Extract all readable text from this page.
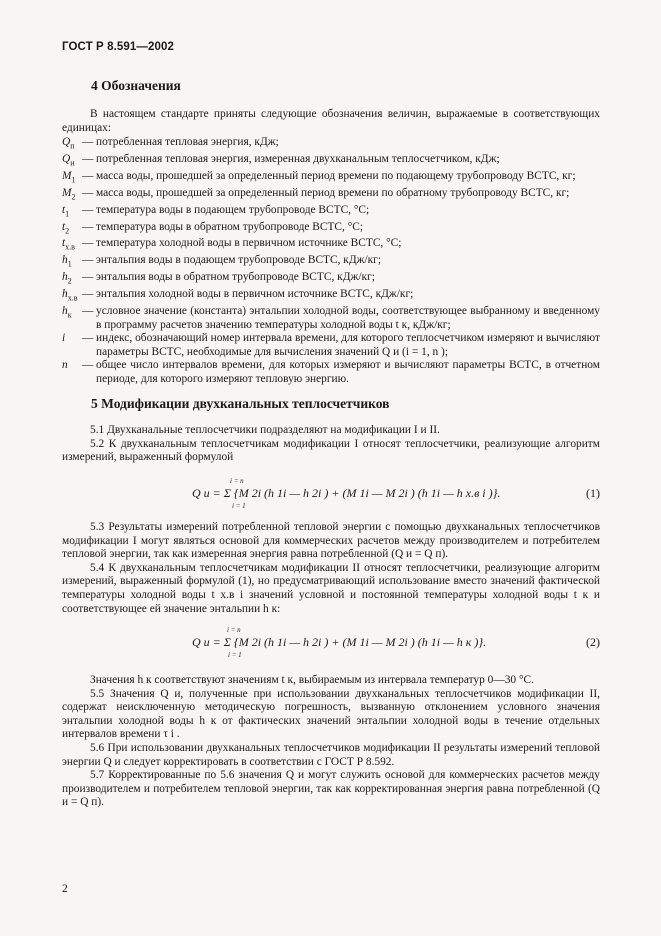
ГОСТ Р 8.591—2002
4 Обозначения

В настоящем стандарте приняты следующие обозначения величин, выражаемые в соответствующих единицах:

$Q_п$ — потребленная тепловая энергия, кДж;
$Q_и$ — потребленная тепловая энергия, измеренная двухканальным теплосчетчиком, кДж;
$M_1$ — масса воды, прошедшей за определенный период времени по подающему трубопроводу ВСТС, кг;
$M_2$ — масса воды, прошедшей за определенный период времени по обратному трубопроводу ВСТС, кг;
$t_1$	— температура воды в подающем трубопроводе ВСТС, °С;
$t_2$	— температура воды в обратном трубопроводе ВСТС, °С;
$t_{х.в}$ — температура холодной воды в первичном источнике ВСТС, °С;
$h_1$ — энтальпия воды в подающем трубопроводе ВСТС, кДж/кг;
$h_2$ — энтальпия воды в обратном трубопроводе ВСТС, кДж/кг;
$h_{х.в}$ — энтальпия холодной воды в первичном источнике ВСТС, кДж/кг;
$h_к$ — условное значение (константа) энтальпии холодной воды, соответствующее выбранному и введенному в программу расчетов значению температуры холодной воды t к, кДж/кг;
i	— индекс, обозначающий номер интервала времени, для которого теплосчетчиком измеряют и вычисляют параметры ВСТС, необходимые для вычисления значений Q и (i = 1, n );
n	— общее число интервалов времени, для которых измеряют и вычисляют параметры ВСТС, в отчетном периоде, для которого измеряют тепловую энергию.
5 Модификации двухканальных теплосчетчиков

5.1 Двухканальные теплосчетчики подразделяют на модификации I и II.

5.2 К двухканальным теплосчетчикам модификации I относят теплосчетчики, реализующие алгоритм измерений, выраженный формулой

i = n
Q и = Σ {M 2i (h 1i — h 2i ) + (M 1i — M 2i ) (h 1i — h х.в i )}.
i = 1
(1)

5.3 Результаты измерений потребленной тепловой энергии с помощью двухканальных теплосчетчиков модификации I могут являться основой для коммерческих расчетов между производителем и потребителем тепловой энергии, так как измеренная энергия равна потребленной (Q и = Q п).

5.4 К двухканальным теплосчетчикам модификации II относят теплосчетчики, реализующие алгоритм измерений, выраженный формулой (1), но предусматривающий использование вместо значений фактической температуры холодной воды t х.в i значений условной и постоянной температуры холодной воды t к и соответствующее ей значение энтальпии h к:

i = n
Q и = Σ {M 2i (h 1i — h 2i ) + (M 1i — M 2i ) (h 1i — h к )}.
i = 1
(2)

Значения h к соответствуют значениям t к, выбираемым из интервала температур 0—30 °С.

5.5 Значения Q и, полученные при использовании двухканальных теплосчетчиков модификации II, содержат неисключенную методическую погрешность, вызванную отклонением условного значения энтальпии холодной воды h к от фактических значений энтальпии холодной воды в течение отдельных интервалов времени τ i .

5.6 При использовании двухканальных теплосчетчиков модификации II результаты измерений тепловой энергии Q и следует корректировать в соответствии с ГОСТ Р 8.592.

5.7 Корректированные по 5.6 значения Q и могут служить основой для коммерческих расчетов между производителем и потребителем тепловой энергии, так как корректированная энергия равна потребленной (Q и = Q п).

2
